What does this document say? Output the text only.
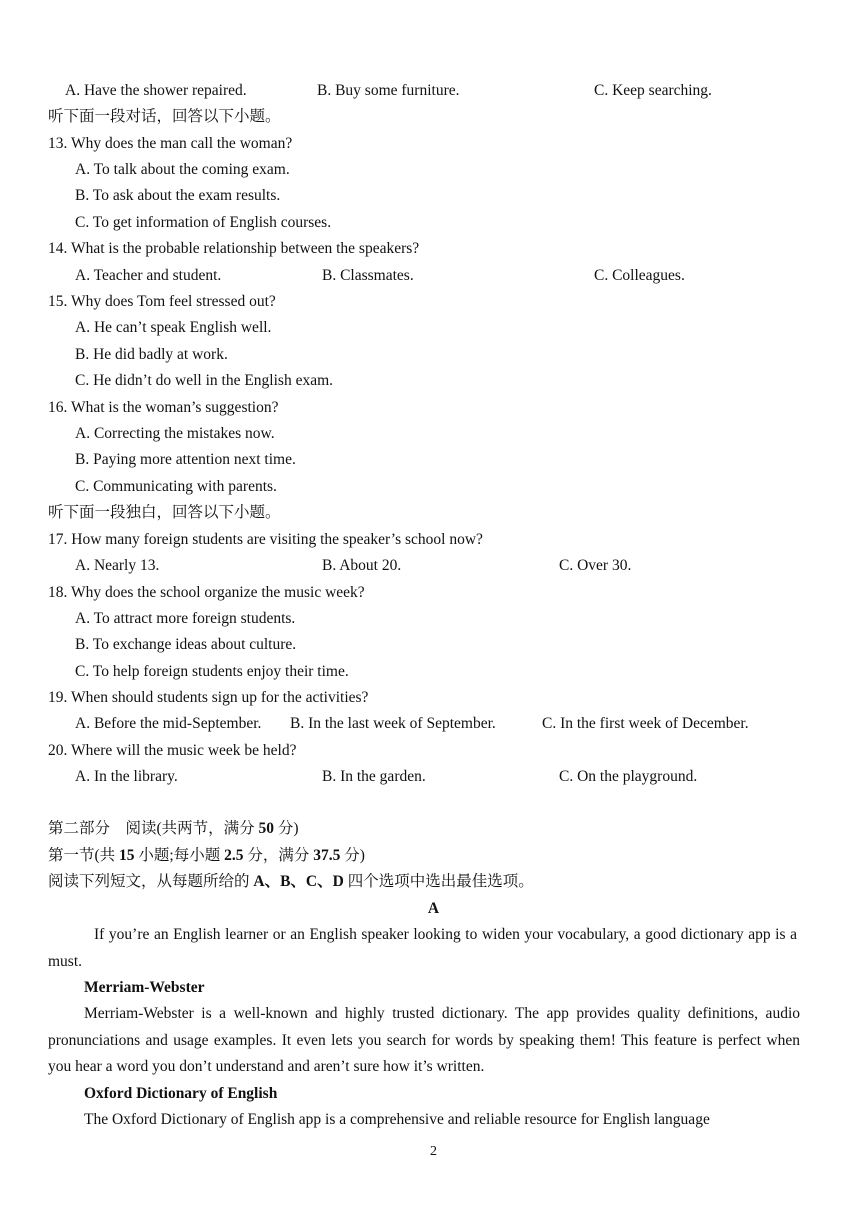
A. Have the shower repaired.	B. Buy some furniture.	C. Keep searching.
听下面一段对话，回答以下小题。
13. Why does the man call the woman?
A. To talk about the coming exam.
B. To ask about the exam results.
C. To get information of English courses.
14. What is the probable relationship between the speakers?
A. Teacher and student.	B. Classmates.	C. Colleagues.
15. Why does Tom feel stressed out?
A. He can’t speak English well.
B. He did badly at work.
C. He didn’t do well in the English exam.
16. What is the woman’s suggestion?
A. Correcting the mistakes now.
B. Paying more attention next time.
C. Communicating with parents.
听下面一段独白，回答以下小题。
17. How many foreign students are visiting the speaker’s school now?
A. Nearly 13.	B. About 20.	C. Over 30.
18. Why does the school organize the music week?
A. To attract more foreign students.
B. To exchange ideas about culture.
C. To help foreign students enjoy their time.
19. When should students sign up for the activities?
A. Before the mid-September. B. In the last week of September.	C. In the first week of December.
20. Where will the music week be held?
A. In the library.	B. In the garden.	C. On the playground.
第二部分　阅读(共两节，满分 50 分)
第一节(共 15 小题;每小题 2.5 分，满分 37.5 分)
阅读下列短文，从每题所给的 A、B、C、D 四个选项中选出最佳选项。
A
If you’re an English learner or an English speaker looking to widen your vocabulary, a good dictionary app is a must.
Merriam-Webster
Merriam-Webster is a well-known and highly trusted dictionary. The app provides quality definitions, audio pronunciations and usage examples. It even lets you search for words by speaking them! This feature is perfect when you hear a word you don’t understand and aren’t sure how it’s written.
Oxford Dictionary of English
The Oxford Dictionary of English app is a comprehensive and reliable resource for English language
2
